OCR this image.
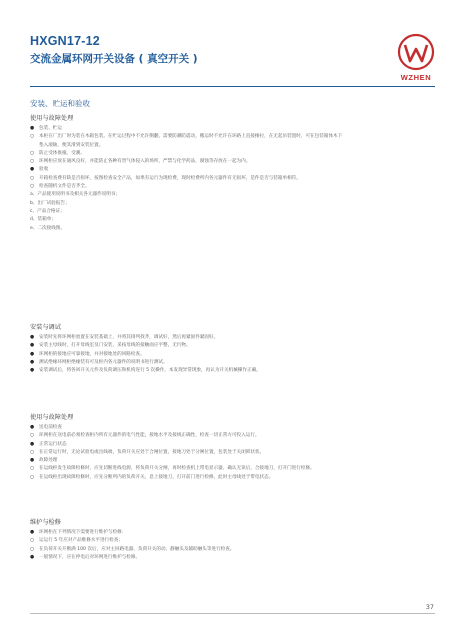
HXGN17-12
交流金属环网开关设备 ( 真空开关 )
WZHEN
安装、贮运和验收
使用与故障处理
● 包装、贮运
○ 本柜在厂出厂时为装在木箱包装。在贮运过程中不允许倒翻，需要防潮防震动，搬运时不允许在环路上直接捶拉，在无起吊装置时，可在包装箱体木下
垫入滚轴，便其滑到安装位置。
○ 防止受体推撞、受潮。
○ 环网柜应放在通风良好，并能防止各种有害气体侵入的场所，严禁与化学药品，腐蚀等存放在一起为内。
● 验收
○ 开箱检查费有缺是否损坏，按图检查安全产品，如果有运行为现检费，现时检费所内各元器件有无损坏，是件是否与装箱单相符。
○ 检查随机文件是否齐全。
a、产品使用说明书及相关各元器件说明书；
b、出厂试验报告；
c、产品合格证；
d、装箱单；
e、二次接线图。
安装与调试
● 安装时先将环网柜放置在安装基础上，并将其排列找齐，调试好，然后再紧固件紧固好。
● 安装主母线时，打开母线室及门安装，采按母线的接触面应平整，无污物。
● 环网柜的接地应可靠接地，并对接地处的回路检查。
● 测试绝缘环网柜绝缘装有可及柜内各元器件的说明书进行测试。
● 安装调试后，将各回开关元件及负荷调压和机构连行 5 次操作，本发现异常现象，再认为开关机械操作正确。
使用与故障处理
● 送电前检查
○ 环网柜在送电前必须检查柜内所有元器件的电气性能，接地水平及接线正确性，检查一切正常方可投入运行。
● 正常运行状态
○ 在正常运行时，无论试验电或出线端，负荷开关应处于合闸位置，接地刀处于分闸位置，包装处于关闭锁状状。
● 故障处理
○ 在运线柜发生故障检修时，应先切断进线电源，将负荷开关分闸，再时检查机上带电显示器，确认无误后，合接地刀，打开门进行检修。
○ 在运线柜出现故障检修时，应先分断所内的负荷开关，息上接地刀，打开前门进行检修，此时主母线处于带电状态。
维护与检修
● 环网柜在下列情况下需要进行维护与检修：
○ 运运行 5 年应对产品维修水平进行检查；
○ 在负荷开关开断满 100 次后，应对主回路电器、负荷开关的动、静触头及辅助触头等进行检查。
● 一般情况下，应在停电后对环网进行维护与检修。
37
